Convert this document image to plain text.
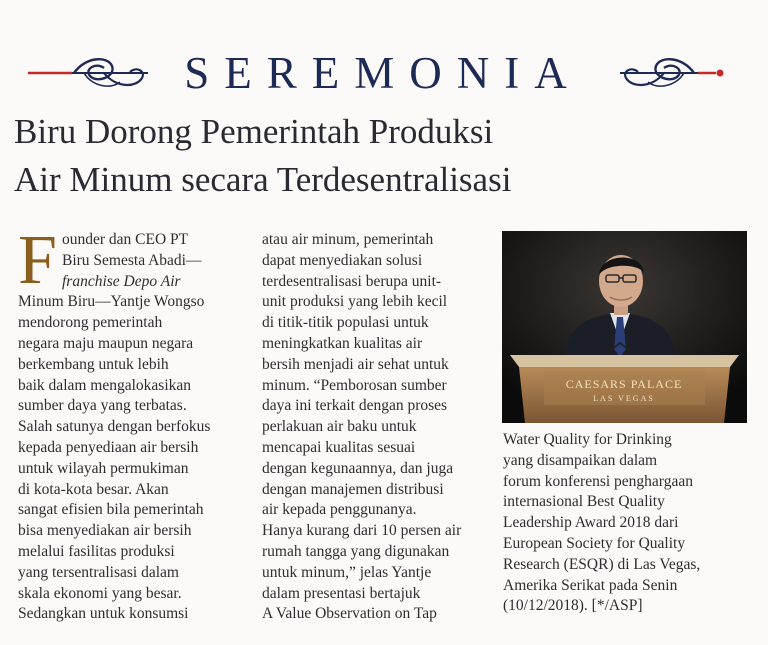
SEREMONIA
Biru Dorong Pemerintah Produksi
Air Minum secara Terdesentralisasi
F ounder dan CEO PT
Biru Semesta Abadi—
franchise Depo Air
Minum Biru—Yantje Wongso
mendorong pemerintah
negara maju maupun negara
berkembang untuk lebih
baik dalam mengalokasikan
sumber daya yang terbatas.
Salah satunya dengan berfokus
kepada penyediaan air bersih
untuk wilayah permukiman
di kota-kota besar. Akan
sangat efisien bila pemerintah
bisa menyediakan air bersih
melalui fasilitas produksi
yang tersentralisasi dalam
skala ekonomi yang besar.
Sedangkan untuk konsumsi
atau air minum, pemerintah
dapat menyediakan solusi
terdesentralisasi berupa unit-
unit produksi yang lebih kecil
di titik-titik populasi untuk
meningkatkan kualitas air
bersih menjadi air sehat untuk
minum. “Pemborosan sumber
daya ini terkait dengan proses
perlakuan air baku untuk
mencapai kualitas sesuai
dengan kegunaannya, dan juga
dengan manajemen distribusi
air kepada penggunanya.
Hanya kurang dari 10 persen air
rumah tangga yang digunakan
untuk minum,” jelas Yantje
dalam presentasi bertajuk
A Value Observation on Tap
CAESARS PALACE
LAS VEGAS
Water Quality for Drinking
yang disampaikan dalam
forum konferensi penghargaan
internasional Best Quality
Leadership Award 2018 dari
European Society for Quality
Research (ESQR) di Las Vegas,
Amerika Serikat pada Senin
(10/12/2018). [*/ASP]
